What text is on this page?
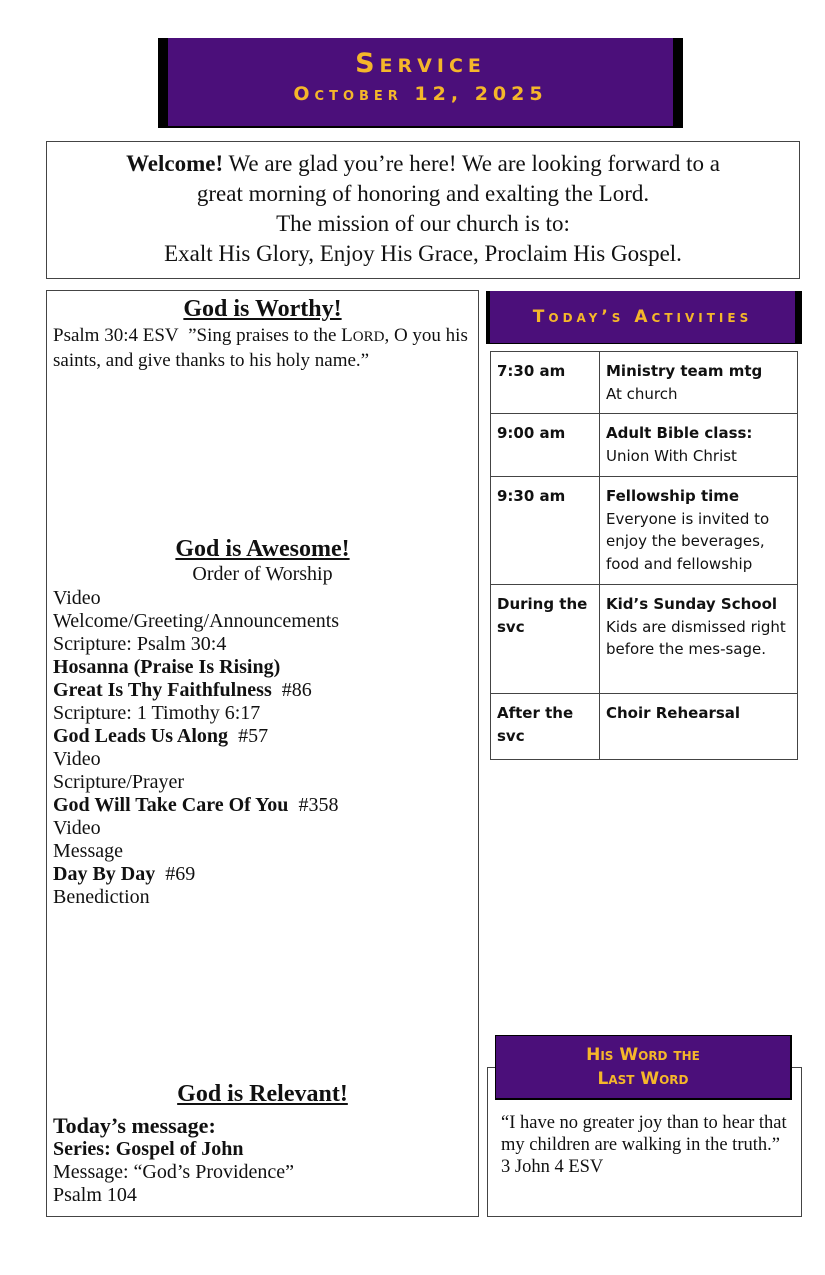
Service
October 12, 2025
Welcome! We are glad you’re here! We are looking forward to a
great morning of honoring and exalting the Lord.
The mission of our church is to:
Exalt His Glory, Enjoy His Grace, Proclaim His Gospel.
God is Worthy!
Psalm 30:4 ESV  ”Sing praises to the LORD, O you his saints, and give thanks to his holy name.”
God is Awesome!
Order of Worship
Video
Welcome/Greeting/Announcements
Scripture: Psalm 30:4
Hosanna (Praise Is Rising)
Great Is Thy Faithfulness  #86
Scripture: 1 Timothy 6:17
God Leads Us Along  #57
Video
Scripture/Prayer
God Will Take Care Of You  #358
Video
Message
Day By Day  #69
Benediction
God is Relevant!
Today’s message:
Series: Gospel of John
Message: “God’s Providence”
Psalm 104
Today’s Activities
7:30 am	Ministry team mtg
At church

9:00 am	Adult Bible class:
Union With Christ

9:30 am	Fellowship time
Everyone is invited to enjoy the beverages, food and fellowship

During the svc	Kid’s Sunday School
Kids are dismissed right before the mes-sage.

After the svc	Choir Rehearsal
His Word the
Last Word
“I have no greater joy than to hear that my children are walking in the truth.”
3 John 4 ESV
